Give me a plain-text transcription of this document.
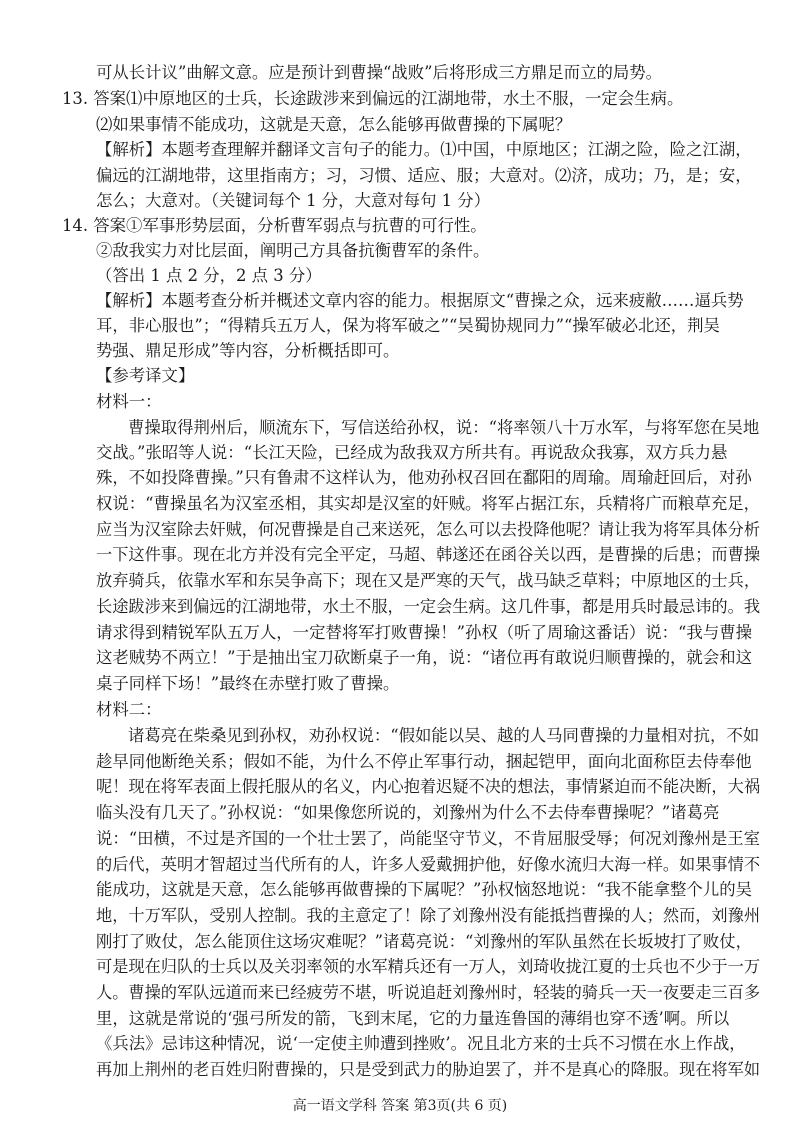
可从长计议”曲解文意。应是预计到曹操“战败”后将形成三方鼎足而立的局势。
13. 答案⑴中原地区的士兵，长途跋涉来到偏远的江湖地带，水土不服，一定会生病。
⑵如果事情不能成功，这就是天意，怎么能够再做曹操的下属呢？
【解析】本题考查理解并翻译文言句子的能力。⑴中国，中原地区；江湖之险，险之江湖，
偏远的江湖地带，这里指南方；习，习惯、适应、服；大意对。⑵济，成功；乃，是；安，
怎么；大意对。（关键词每个 1 分，大意对每句 1 分）
14. 答案①军事形势层面，分析曹军弱点与抗曹的可行性。
②敌我实力对比层面，阐明己方具备抗衡曹军的条件。
（答出 1 点 2 分，2 点 3 分）
【解析】本题考查分析并概述文章内容的能力。根据原文“曹操之众，远来疲敝……逼兵势
耳，非心服也”；“得精兵五万人，保为将军破之”“吴蜀协规同力”“操军破必北还，荆吴
势强、鼎足形成”等内容，分析概括即可。
【参考译文】
材料一：
曹操取得荆州后，顺流东下，写信送给孙权，说：“将率领八十万水军，与将军您在吴地
交战。”张昭等人说：“长江天险，已经成为敌我双方所共有。再说敌众我寡，双方兵力悬
殊，不如投降曹操。”只有鲁肃不这样认为，他劝孙权召回在鄱阳的周瑜。周瑜赶回后，对孙
权说：“曹操虽名为汉室丞相，其实却是汉室的奸贼。将军占据江东，兵精将广而粮草充足，
应当为汉室除去奸贼，何况曹操是自己来送死，怎么可以去投降他呢？请让我为将军具体分析
一下这件事。现在北方并没有完全平定，马超、韩遂还在函谷关以西，是曹操的后患；而曹操
放弃骑兵，依靠水军和东吴争高下；现在又是严寒的天气，战马缺乏草料；中原地区的士兵，
长途跋涉来到偏远的江湖地带，水土不服，一定会生病。这几件事，都是用兵时最忌讳的。我
请求得到精锐军队五万人，一定替将军打败曹操！”孙权（听了周瑜这番话）说：“我与曹操
这老贼势不两立！”于是抽出宝刀砍断桌子一角，说：“诸位再有敢说归顺曹操的，就会和这
桌子同样下场！”最终在赤壁打败了曹操。
材料二：
诸葛亮在柴桑见到孙权，劝孙权说：“假如能以吴、越的人马同曹操的力量相对抗，不如
趁早同他断绝关系；假如不能，为什么不停止军事行动，捆起铠甲，面向北面称臣去侍奉他
呢！现在将军表面上假托服从的名义，内心抱着迟疑不决的想法，事情紧迫而不能决断，大祸
临头没有几天了。”孙权说：“如果像您所说的，刘豫州为什么不去侍奉曹操呢？”诸葛亮
说：“田横，不过是齐国的一个壮士罢了，尚能坚守节义，不肯屈服受辱；何况刘豫州是王室
的后代，英明才智超过当代所有的人，许多人爱戴拥护他，好像水流归大海一样。如果事情不
能成功，这就是天意，怎么能够再做曹操的下属呢？”孙权恼怒地说：“我不能拿整个儿的吴
地，十万军队，受别人控制。我的主意定了！除了刘豫州没有能抵挡曹操的人；然而，刘豫州
刚打了败仗，怎么能顶住这场灾难呢？”诸葛亮说：“刘豫州的军队虽然在长坂坡打了败仗，
可是现在归队的士兵以及关羽率领的水军精兵还有一万人，刘琦收拢江夏的士兵也不少于一万
人。曹操的军队远道而来已经疲劳不堪，听说追赶刘豫州时，轻装的骑兵一天一夜要走三百多
里，这就是常说的‘强弓所发的箭，飞到末尾，它的力量连鲁国的薄绢也穿不透’啊。所以
《兵法》忌讳这种情况，说‘一定使主帅遭到挫败’。况且北方来的士兵不习惯在水上作战，
再加上荆州的老百姓归附曹操的，只是受到武力的胁迫罢了，并不是真心的降服。现在将军如
高一语文学科 答案 第3页(共 6 页)
